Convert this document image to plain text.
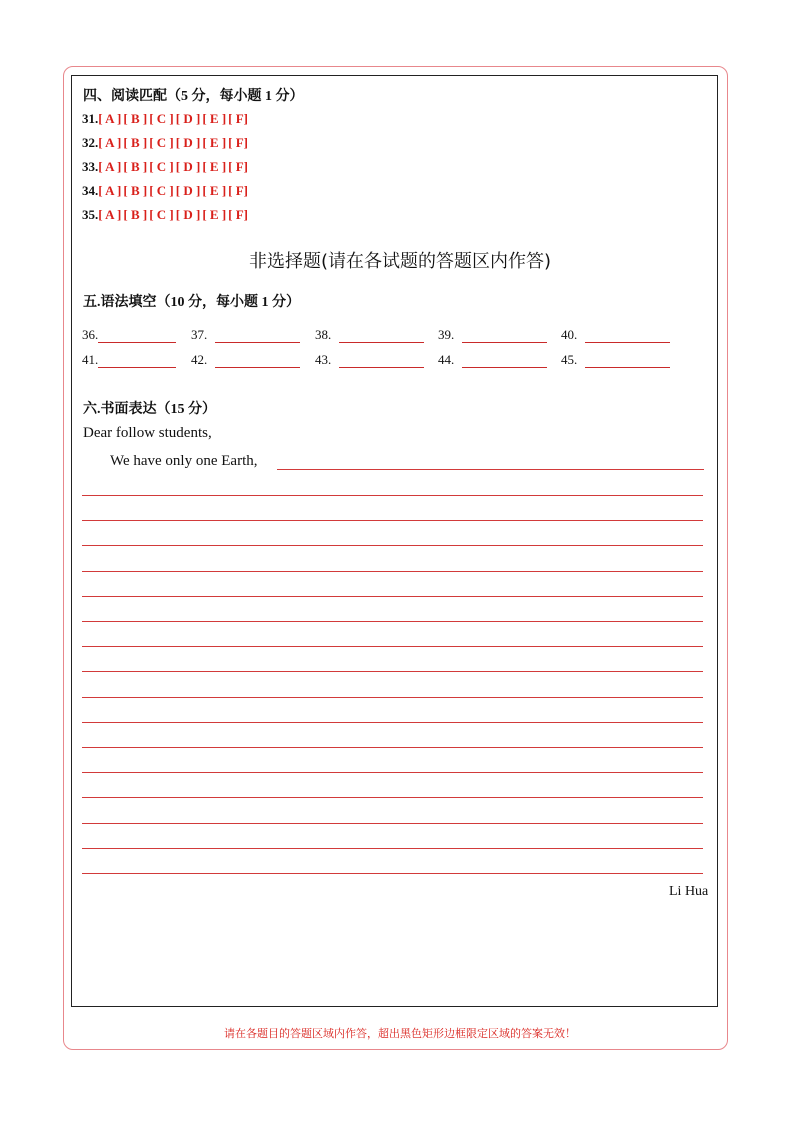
四、阅读匹配（5 分，每小题 1 分）
31.[ A ] [ B ] [ C ] [ D ] [ E ] [ F]
32.[ A ] [ B ] [ C ] [ D ] [ E ] [ F]
33.[ A ] [ B ] [ C ] [ D ] [ E ] [ F]
34.[ A ] [ B ] [ C ] [ D ] [ E ] [ F]
35.[ A ] [ B ] [ C ] [ D ] [ E ] [ F]
非选择题(请在各试题的答题区内作答)
五.语法填空（10 分，每小题 1 分）
36.	37.	38.	39.	40.
41.	42.	43.	44.	45.
六.书面表达（15 分）
Dear follow students,
We have only one Earth,
Li Hua
请在各题目的答题区域内作答，超出黑色矩形边框限定区域的答案无效！
